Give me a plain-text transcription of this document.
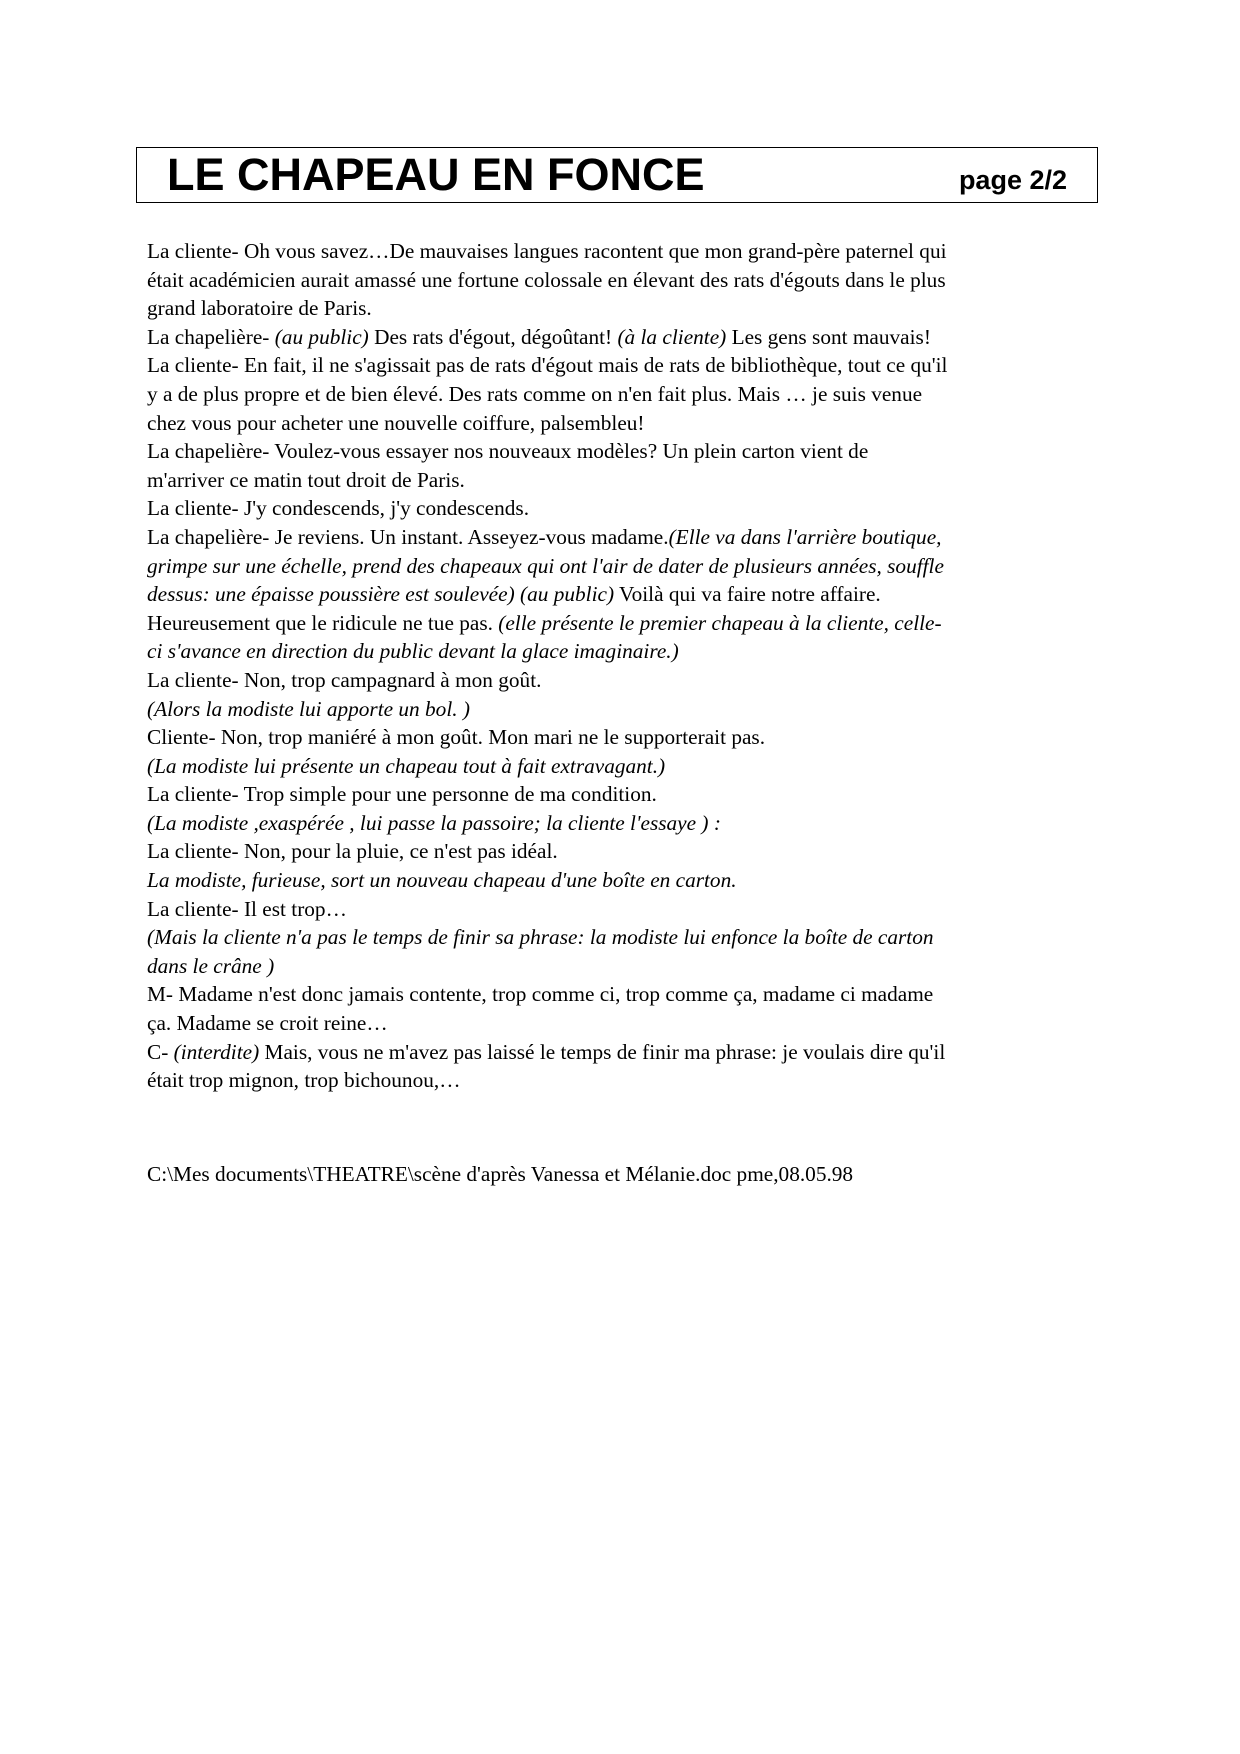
LE CHAPEAU EN FONCE	page 2/2
La cliente- Oh vous savez…De mauvaises langues racontent que mon grand-père paternel qui
était académicien aurait amassé une fortune colossale en élevant des rats d'égouts dans le plus
grand laboratoire de Paris.
La chapelière- (au public) Des rats d'égout, dégoûtant! (à la cliente) Les gens sont mauvais!
La cliente- En fait, il ne s'agissait pas de rats d'égout mais de rats de bibliothèque, tout ce qu'il
y a de plus propre et de bien élevé. Des rats comme on n'en fait plus. Mais … je suis venue
chez vous pour acheter une nouvelle coiffure, palsembleu!
La chapelière- Voulez-vous essayer nos nouveaux modèles? Un plein carton vient de
m'arriver ce matin tout droit de Paris.
La cliente- J'y condescends, j'y condescends.
La chapelière- Je reviens. Un instant. Asseyez-vous madame.(Elle va dans l'arrière boutique,
grimpe sur une échelle, prend des chapeaux qui ont l'air de dater de plusieurs années, souffle
dessus: une épaisse poussière est soulevée) (au public) Voilà qui va faire notre affaire.
Heureusement que le ridicule ne tue pas. (elle présente le premier chapeau à la cliente, celle-
ci s'avance en direction du public devant la glace imaginaire.)
La cliente- Non, trop campagnard à mon goût.
(Alors la modiste lui apporte un bol. )
Cliente- Non, trop maniéré à mon goût. Mon mari ne le supporterait pas.
(La modiste lui présente un chapeau tout à fait extravagant.)
La cliente- Trop simple pour une personne de ma condition.
(La modiste ,exaspérée , lui passe la passoire; la cliente l'essaye ) :
La cliente- Non, pour la pluie, ce n'est pas idéal.
La modiste, furieuse, sort un nouveau chapeau d'une boîte en carton.
La cliente- Il est trop…
(Mais la cliente n'a pas le temps de finir sa phrase: la modiste lui enfonce la boîte de carton
dans le crâne )
M- Madame n'est donc jamais contente, trop comme ci, trop comme ça, madame ci madame
ça. Madame se croit reine…
C- (interdite) Mais, vous ne m'avez pas laissé le temps de finir ma phrase: je voulais dire qu'il
était trop mignon, trop bichounou,…
C:\Mes documents\THEATRE\scène d'après Vanessa et Mélanie.doc pme,08.05.98
